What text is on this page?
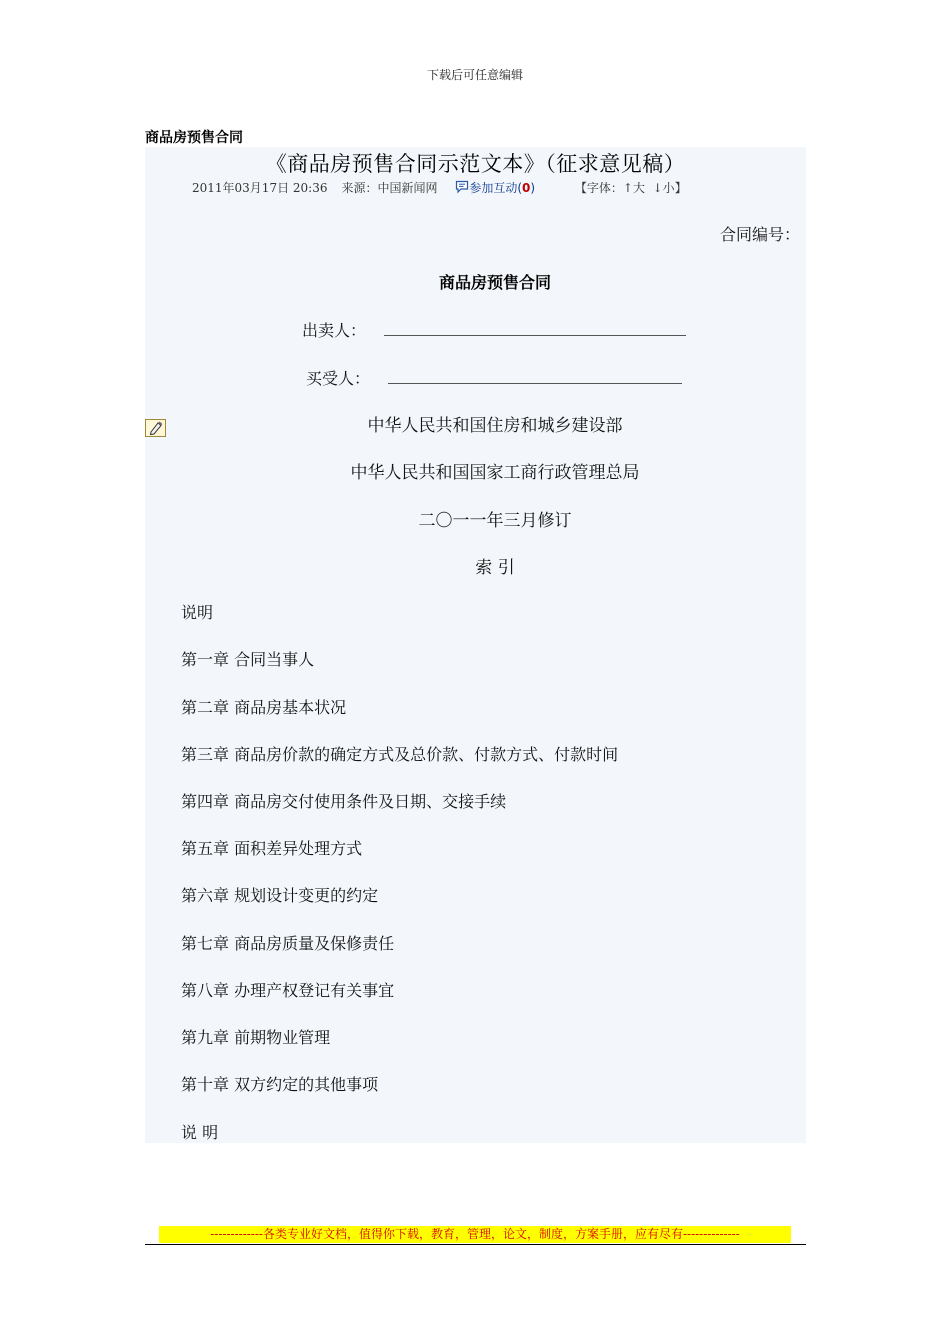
下载后可任意编辑
商品房预售合同
《商品房预售合同示范文本》（征求意见稿）
2011年03月17日 20:36 来源：中国新闻网	参加互动(0)	【字体：↑大 ↓小】
合同编号：
商品房预售合同
出卖人：
买受人：
中华人民共和国住房和城乡建设部
中华人民共和国国家工商行政管理总局
二〇一一年三月修订
索 引
说明
第一章 合同当事人
第二章 商品房基本状况
第三章 商品房价款的确定方式及总价款、付款方式、付款时间
第四章 商品房交付使用条件及日期、交接手续
第五章 面积差异处理方式
第六章 规划设计变更的约定
第七章 商品房质量及保修责任
第八章 办理产权登记有关事宜
第九章 前期物业管理
第十章 双方约定的其他事项
说 明
-------------各类专业好文档，值得你下载，教育，管理，论文，制度，方案手册，应有尽有--------------
